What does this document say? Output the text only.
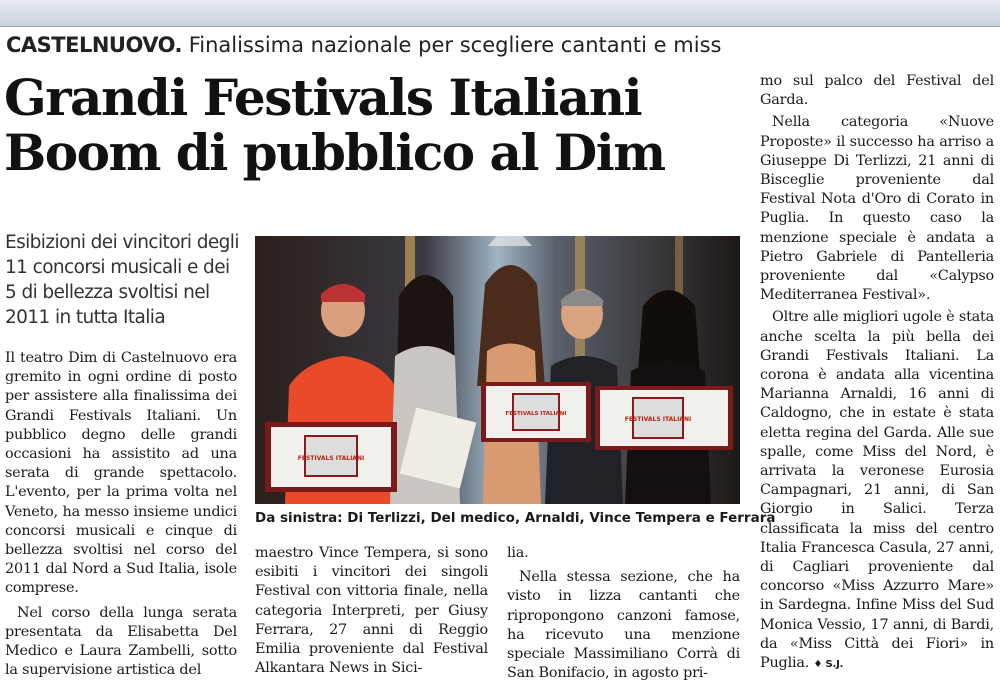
CASTELNUOVO. Finalissima nazionale per scegliere cantanti e miss
Grandi Festivals Italiani
Boom di pubblico al Dim
Esibizioni dei vincitori degli 11 concorsi musicali e dei 5 di bellezza svoltisi nel 2011 in tutta Italia

Il teatro Dim di Castelnuovo era gremito in ogni ordine di posto per assistere alla finalissima dei Grandi Festivals Italiani. Un pubblico degno delle grandi occasioni ha assistito ad una serata di grande spettacolo. L'evento, per la prima volta nel Veneto, ha messo insieme undici concorsi musicali e cinque di bellezza svoltisi nel corso del 2011 dal Nord a Sud Italia, isole comprese.

Nel corso della lunga serata presentata da Elisabetta Del Medico e Laura Zambelli, sotto la supervisione artistica del

FESTIVALS ITALIANI
FESTIVALS ITALIANI
FESTIVALS ITALIANI
Da sinistra: Di Terlizzi, Del medico, Arnaldi, Vince Tempera e Ferrara

maestro Vince Tempera, si sono esibiti i vincitori dei singoli Festival con vittoria finale, nella categoria Interpreti, per Giusy Ferrara, 27 anni di Reggio Emilia proveniente dal Festival Alkantara News in Sici-

lia.

Nella stessa sezione, che ha visto in lizza cantanti che ripropongono canzoni famose, ha ricevuto una menzione speciale Massimiliano Corrà di San Bonifacio, in agosto pri-

mo sul palco del Festival del Garda.

Nella categoria «Nuove Proposte» il successo ha arriso a Giuseppe Di Terlizzi, 21 anni di Bisceglie proveniente dal Festival Nota d'Oro di Corato in Puglia. In questo caso la menzione speciale è andata a Pietro Gabriele di Pantelleria proveniente dal «Calypso Mediterranea Festival».

Oltre alle migliori ugole è stata anche scelta la più bella dei Grandi Festivals Italiani. La corona è andata alla vicentina Marianna Arnaldi, 16 anni di Caldogno, che in estate è stata eletta regina del Garda. Alle sue spalle, come Miss del Nord, è arrivata la veronese Eurosia Campagnari, 21 anni, di San Giorgio in Salici. Terza classificata la miss del centro Italia Francesca Casula, 27 anni, di Cagliari proveniente dal concorso «Miss Azzurro Mare» in Sardegna. Infine Miss del Sud Monica Vessio, 17 anni, di Bardi, da «Miss Città dei Fiori» in Puglia. ♦ S.J.
